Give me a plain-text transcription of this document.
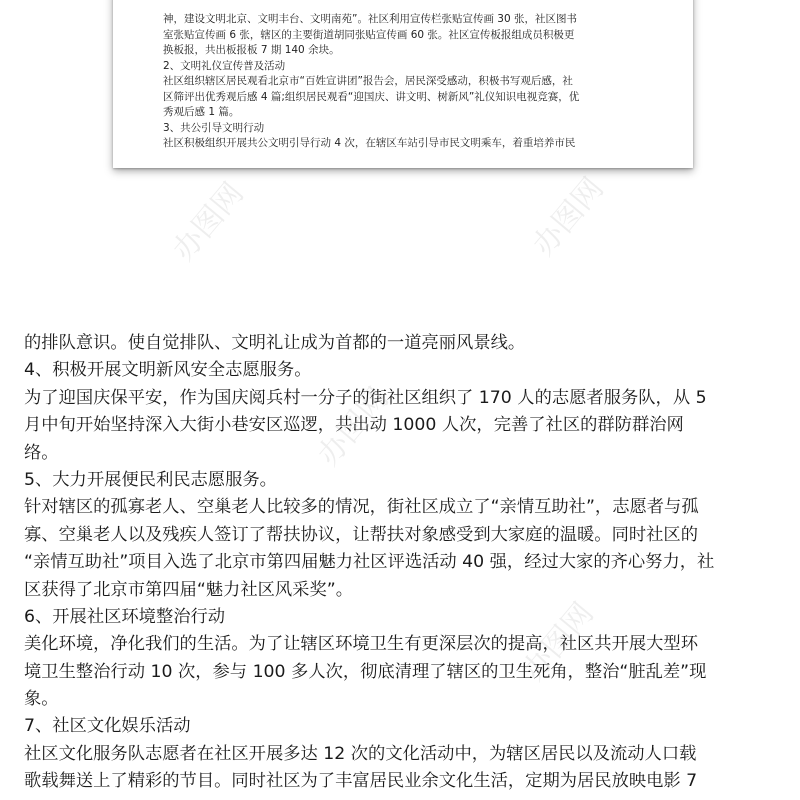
神，建设文明北京、文明丰台、文明南苑”。社区利用宣传栏张贴宣传画 30 张，社区图书
室张贴宣传画 6 张，辖区的主要街道胡同张贴宣传画 60 张。社区宣传板报组成员积极更
换板报，共出板报板 7 期 140 余块。
2、文明礼仪宣传普及活动
社区组织辖区居民观看北京市“百姓宣讲团”报告会，居民深受感动，积极书写观后感，社
区筛评出优秀观后感 4 篇;组织居民观看“迎国庆、讲文明、树新风”礼仪知识电视竞赛，优
秀观后感 1 篇。
3、共公引导文明行动
社区积极组织开展共公文明引导行动 4 次，在辖区车站引导市民文明乘车，着重培养市民
的排队意识。使自觉排队、文明礼让成为首都的一道亮丽风景线。
4、积极开展文明新风安全志愿服务。
为了迎国庆保平安，作为国庆阅兵村一分子的街社区组织了 170 人的志愿者服务队，从 5
月中旬开始坚持深入大街小巷安区巡逻，共出动 1000 人次，完善了社区的群防群治网
络。
5、大力开展便民利民志愿服务。
针对辖区的孤寡老人、空巢老人比较多的情况，街社区成立了“亲情互助社”，志愿者与孤
寡、空巢老人以及残疾人签订了帮扶协议，让帮扶对象感受到大家庭的温暖。同时社区的
“亲情互助社”项目入选了北京市第四届魅力社区评选活动 40 强，经过大家的齐心努力，社
区获得了北京市第四届“魅力社区风采奖”。
6、开展社区环境整治行动
美化环境，净化我们的生活。为了让辖区环境卫生有更深层次的提高，社区共开展大型环
境卫生整治行动 10 次，参与 100 多人次，彻底清理了辖区的卫生死角，整治“脏乱差”现
象。
7、社区文化娱乐活动
社区文化服务队志愿者在社区开展多达 12 次的文化活动中，为辖区居民以及流动人口载
歌载舞送上了精彩的节目。同时社区为了丰富居民业余文化生活，定期为居民放映电影 7
办图网	办图网
办图网
办图网
